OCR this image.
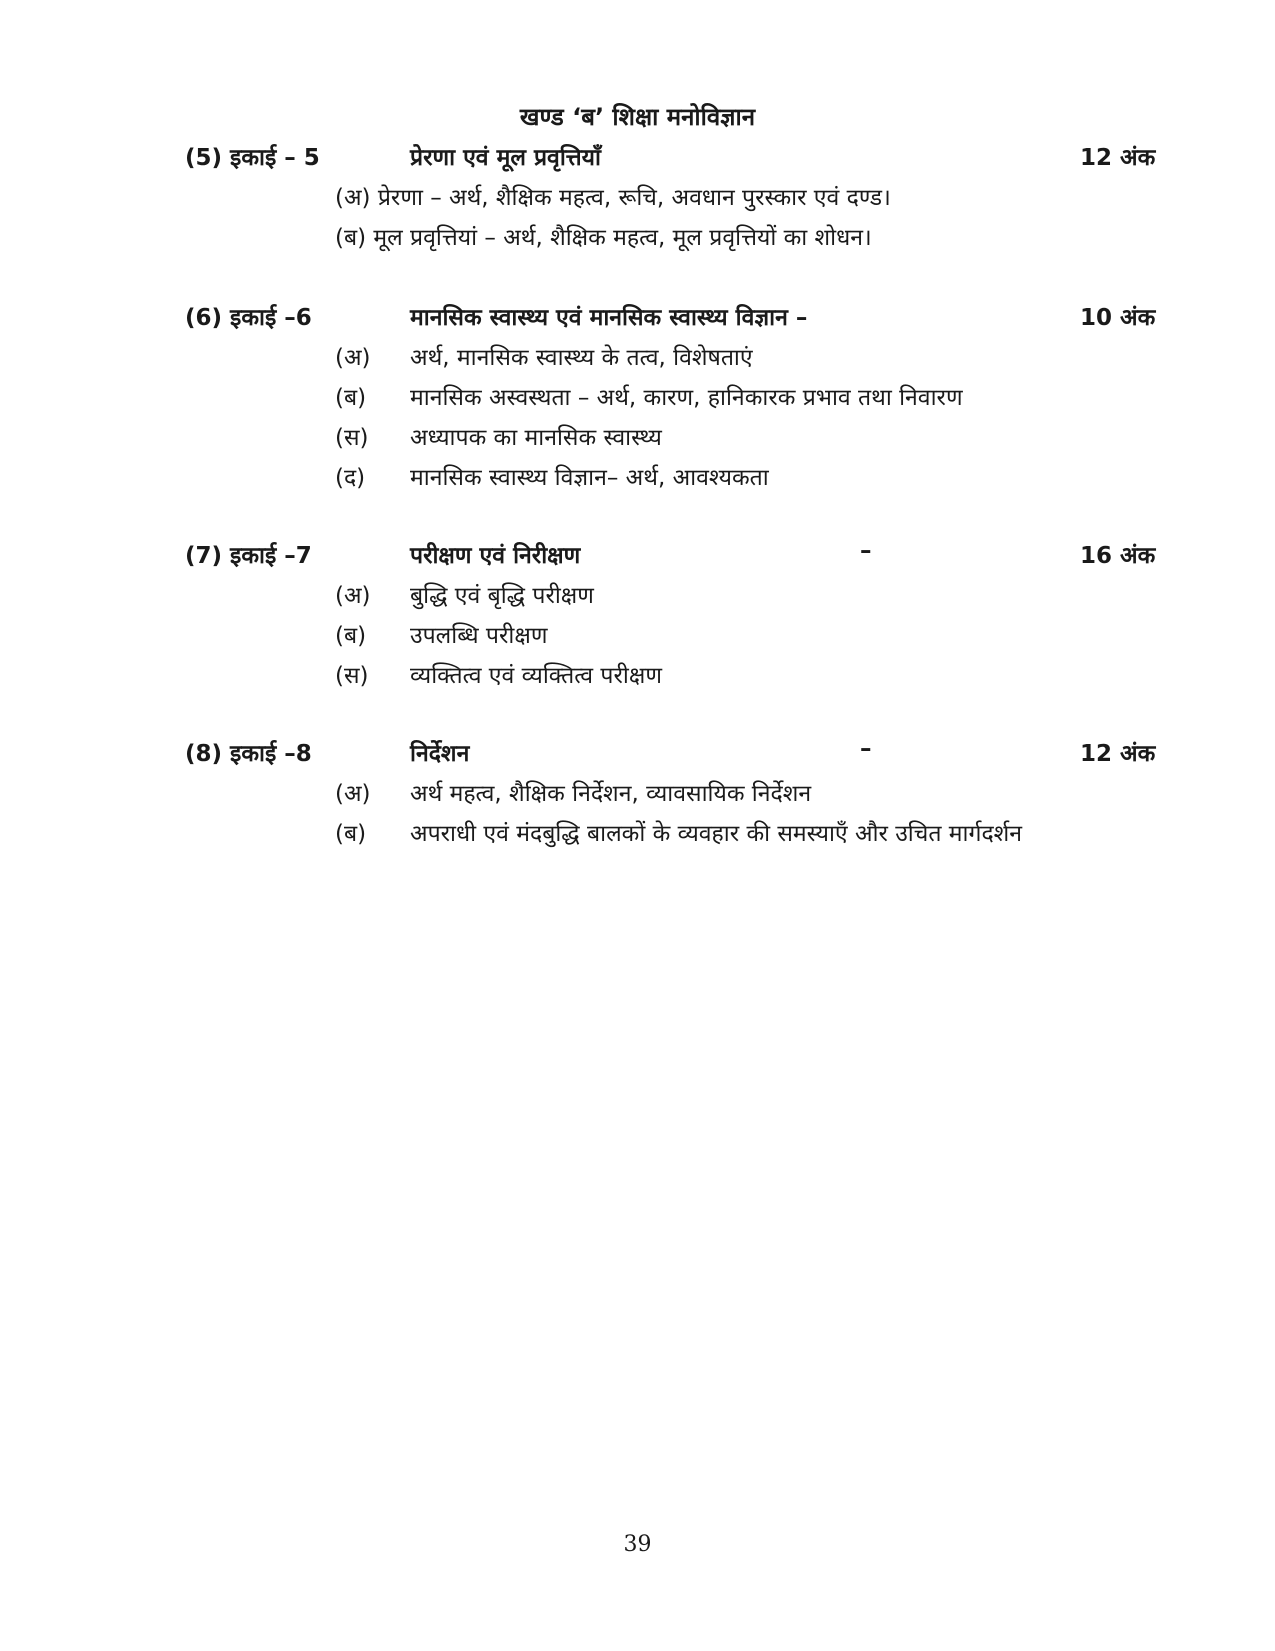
खण्ड ‘ब’ शिक्षा मनोविज्ञान
(5) इकाई – 5	प्रेरणा एवं मूल प्रवृत्तियाँ	12 अंक
(अ) प्रेरणा – अर्थ, शैक्षिक महत्व, रूचि, अवधान पुरस्कार एवं दण्ड।
(ब) मूल प्रवृत्तियां – अर्थ, शैक्षिक महत्व, मूल प्रवृत्तियों का शोधन।
(6) इकाई –6	मानसिक स्वास्थ्य एवं मानसिक स्वास्थ्य विज्ञान –	10 अंक
(अ) अर्थ, मानसिक स्वास्थ्य के तत्व, विशेषताएं
(ब) मानसिक अस्वस्थता – अर्थ, कारण, हानिकारक प्रभाव तथा निवारण
(स) अध्यापक का मानसिक स्वास्थ्य
(द) मानसिक स्वास्थ्य विज्ञान– अर्थ, आवश्यकता
(7) इकाई –7	परीक्षण एवं निरीक्षण	–	16 अंक
(अ) बुद्धि एवं बृद्धि परीक्षण
(ब) उपलब्धि परीक्षण
(स) व्यक्तित्व एवं व्यक्तित्व परीक्षण
(8) इकाई –8	निर्देशन	–	12 अंक
(अ) अर्थ महत्व, शैक्षिक निर्देशन, व्यावसायिक निर्देशन
(ब) अपराधी एवं मंदबुद्धि बालकों के व्यवहार की समस्याएँ और उचित मार्गदर्शन
39
